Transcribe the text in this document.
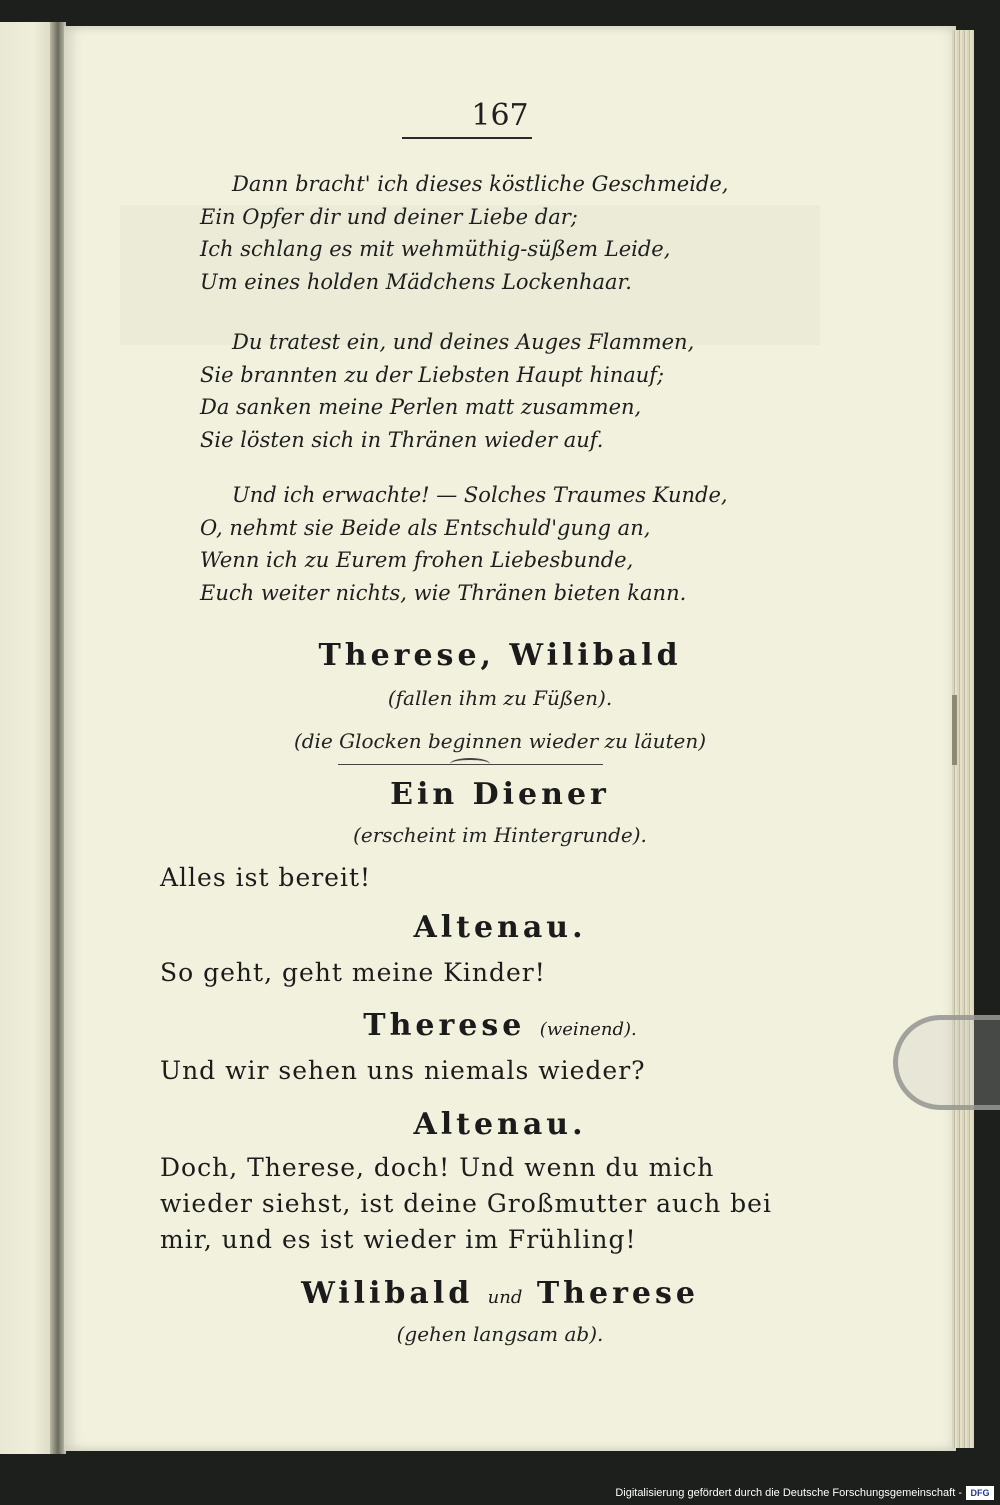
167
Dann bracht' ich dieses köstliche Geschmeide,
Ein Opfer dir und deiner Liebe dar;
Ich schlang es mit wehmüthig-süßem Leide,
Um eines holden Mädchens Lockenhaar.
Du tratest ein, und deines Auges Flammen,
Sie brannten zu der Liebsten Haupt hinauf;
Da sanken meine Perlen matt zusammen,
Sie lösten sich in Thränen wieder auf.
Und ich erwachte! — Solches Traumes Kunde,
O, nehmt sie Beide als Entschuld'gung an,
Wenn ich zu Eurem frohen Liebesbunde,
Euch weiter nichts, wie Thränen bieten kann.
Therese, Wilibald
(fallen ihm zu Füßen).
(die Glocken beginnen wieder zu läuten)
Ein Diener
(erscheint im Hintergrunde).

Alles ist bereit!

Altenau.

So geht, geht meine Kinder!

Therese (weinend).

Und wir sehen uns niemals wieder?

Altenau.

Doch, Therese, doch! Und wenn du mich wieder siehst, ist deine Großmutter auch bei mir, und es ist wieder im Frühling!

Wilibald und Therese
(gehen langsam ab).
Digitalisierung gefördert durch die Deutsche Forschungsgemeinschaft - DFG
